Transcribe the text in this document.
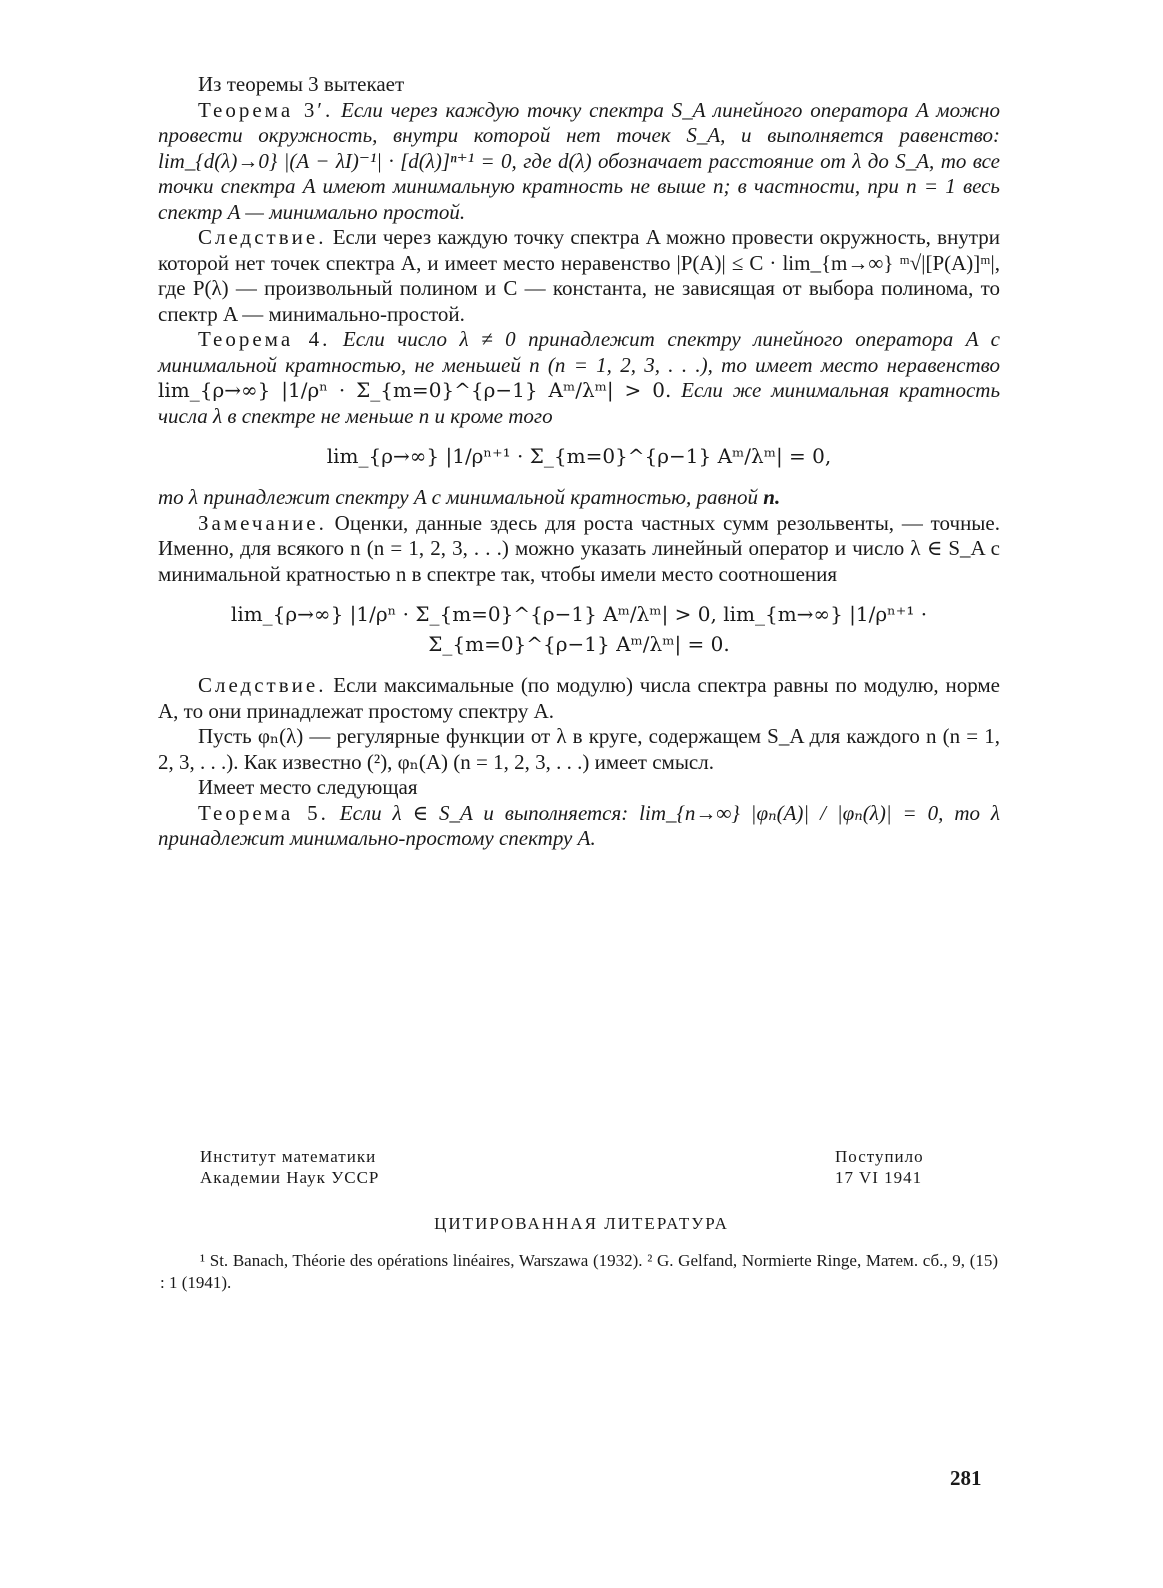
Из теоремы 3 вытекает

Теорема 3′. Если через каждую точку спектра S_A линейного оператора A можно провести окружность, внутри которой нет точек S_A, и выполняется равенство: lim_{d(λ)→0} |(A − λI)⁻¹| · [d(λ)]ⁿ⁺¹ = 0, где d(λ) обозначает расстояние от λ до S_A, то все точки спектра A имеют минимальную кратность не выше n; в частности, при n = 1 весь спектр A — минимально простой.

Следствие. Если через каждую точку спектра A можно провести окружность, внутри которой нет точек спектра A, и имеет место неравенство |P(A)| ≤ C · lim_{m→∞} ᵐ√|[P(A)]ᵐ|, где P(λ) — произвольный полином и C — константа, не зависящая от выбора полинома, то спектр A — минимально-простой.

Теорема 4. Если число λ ≠ 0 принадлежит спектру линейного оператора A с минимальной кратностью, не меньшей n (n = 1, 2, 3, . . .), то имеет место неравенство lim_{ρ→∞} |1/ρⁿ · Σ_{m=0}^{ρ−1} Aᵐ/λᵐ| > 0. Если же минимальная кратность числа λ в спектре не меньше n и кроме того

lim_{ρ→∞} |1/ρⁿ⁺¹ · Σ_{m=0}^{ρ−1} Aᵐ/λᵐ| = 0,

то λ принадлежит спектру A с минимальной кратностью, равной n.

Замечание. Оценки, данные здесь для роста частных сумм резольвенты, — точные. Именно, для всякого n (n = 1, 2, 3, . . .) можно указать линейный оператор и число λ ∈ S_A с минимальной кратностью n в спектре так, чтобы имели место соотношения

lim_{ρ→∞} |1/ρⁿ · Σ_{m=0}^{ρ−1} Aᵐ/λᵐ| > 0, lim_{m→∞} |1/ρⁿ⁺¹ · Σ_{m=0}^{ρ−1} Aᵐ/λᵐ| = 0.

Следствие. Если максимальные (по модулю) числа спектра равны по модулю, норме A, то они принадлежат простому спектру A.

Пусть φₙ(λ) — регулярные функции от λ в круге, содержащем S_A для каждого n (n = 1, 2, 3, . . .). Как известно (²), φₙ(A) (n = 1, 2, 3, . . .) имеет смысл.

Имеет место следующая

Теорема 5. Если λ ∈ S_A и выполняется: lim_{n→∞} |φₙ(A)| / |φₙ(λ)| = 0, то λ принадлежит минимально-простому спектру A.

Институт математики
Академии Наук УССР
Поступило
17 VI 1941
ЦИТИРОВАННАЯ ЛИТЕРАТУРА
¹ St. Banach, Théorie des opérations linéaires, Warszawa (1932). ² G. Gelfand, Normierte Ringe, Матем. сб., 9, (15) : 1 (1941).
281
